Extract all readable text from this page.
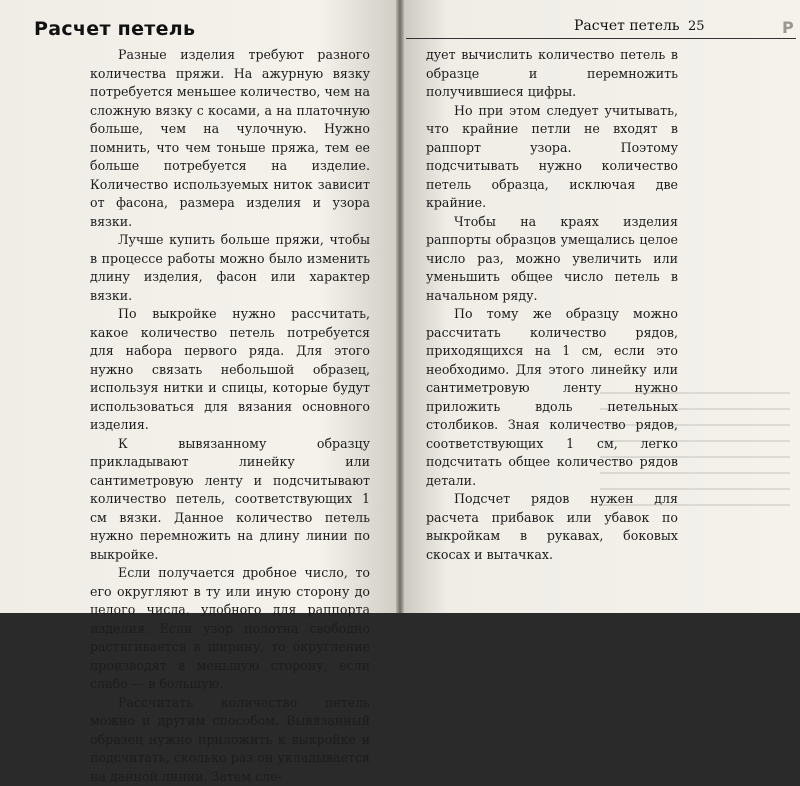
Расчет петель

Разные изделия требуют разного количества пряжи. На ажурную вязку потребуется меньшее количество, чем на сложную вязку с косами, а на платочную больше, чем на чулочную. Нужно помнить, что чем тоньше пряжа, тем ее больше потребуется на изделие. Количество используемых ниток зависит от фасона, размера изделия и узора вязки.

Лучше купить больше пряжи, чтобы в процессе работы можно было изменить длину изделия, фасон или характер вязки.

По выкройке нужно рассчитать, какое количество петель потребуется для набора первого ряда. Для этого нужно связать небольшой образец, используя нитки и спицы, которые будут использоваться для вязания основного изделия.

К вывязанному образцу прикладывают линейку или сантиметровую ленту и подсчитывают количество петель, соответствующих 1 см вязки. Данное количество петель нужно перемножить на длину линии по выкройке.

Если получается дробное число, то его округляют в ту или иную сторону до целого числа, удобного для раппорта изделия. Если узор полотна свободно растягивается в ширину, то округление производят в меньшую сторону, если слабо — в большую.

Рассчитать количество петель можно и другим способом. Вывязанный образец нужно приложить к выкройке и подсчитать, сколько раз он укладывается на данной линии. Затем сле-

Расчет петель 25	Р

дует вычислить количество петель в образце и перемножить получившиеся цифры.

Но при этом следует учитывать, что крайние петли не входят в раппорт узора. Поэтому подсчитывать нужно количество петель образца, исключая две крайние.

Чтобы на краях изделия раппорты образцов умещались целое число раз, можно увеличить или уменьшить общее число петель в начальном ряду.

По тому же образцу можно рассчитать количество рядов, приходящихся на 1 см, если это необходимо. Для этого линейку или сантиметровую ленту нужно приложить вдоль петельных столбиков. Зная количество рядов, соответствующих 1 см, легко подсчитать общее количество рядов детали.

Подсчет рядов нужен для расчета прибавок или убавок по выкройкам в рукавах, боковых скосах и вытачках.
